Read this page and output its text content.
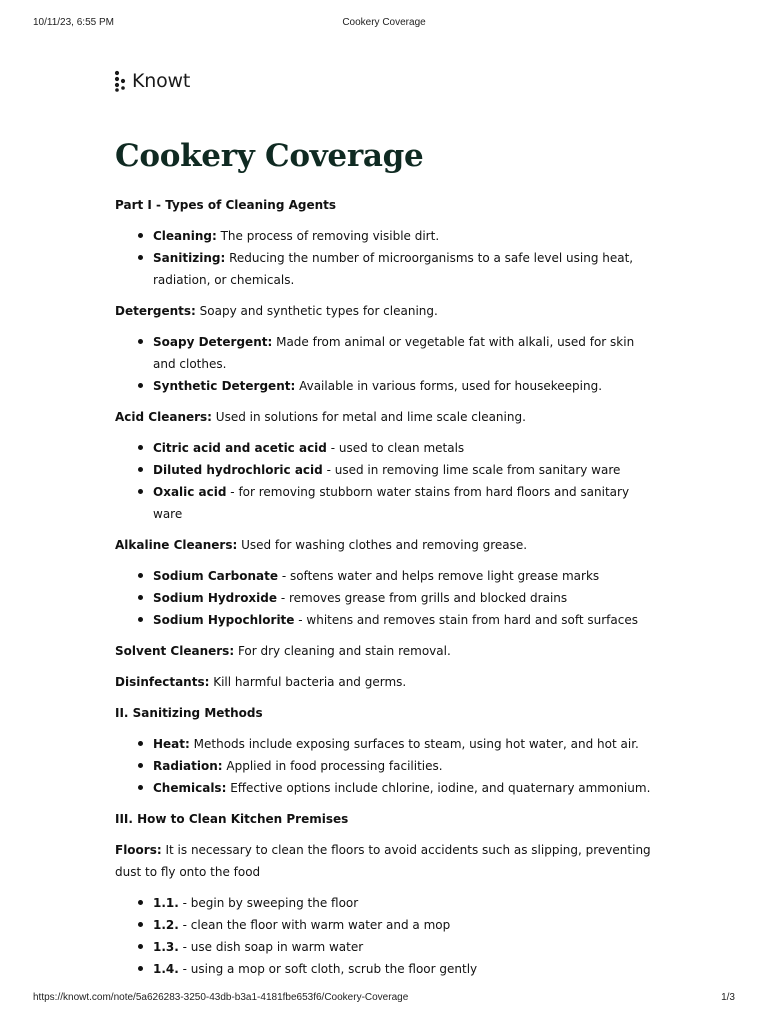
10/11/23, 6:55 PM	Cookery Coverage
Knowt
Cookery Coverage
Part I - Types of Cleaning Agents
Cleaning: The process of removing visible dirt.
Sanitizing: Reducing the number of microorganisms to a safe level using heat, radiation, or chemicals.
Detergents: Soapy and synthetic types for cleaning.
Soapy Detergent: Made from animal or vegetable fat with alkali, used for skin and clothes.
Synthetic Detergent: Available in various forms, used for housekeeping.
Acid Cleaners: Used in solutions for metal and lime scale cleaning.
Citric acid and acetic acid - used to clean metals
Diluted hydrochloric acid - used in removing lime scale from sanitary ware
Oxalic acid - for removing stubborn water stains from hard floors and sanitary ware
Alkaline Cleaners: Used for washing clothes and removing grease.
Sodium Carbonate - softens water and helps remove light grease marks
Sodium Hydroxide - removes grease from grills and blocked drains
Sodium Hypochlorite - whitens and removes stain from hard and soft surfaces
Solvent Cleaners: For dry cleaning and stain removal.
Disinfectants: Kill harmful bacteria and germs.
II. Sanitizing Methods
Heat: Methods include exposing surfaces to steam, using hot water, and hot air.
Radiation: Applied in food processing facilities.
Chemicals: Effective options include chlorine, iodine, and quaternary ammonium.
III. How to Clean Kitchen Premises
Floors: It is necessary to clean the floors to avoid accidents such as slipping, preventing dust to fly onto the food
1.1. - begin by sweeping the floor
1.2. - clean the floor with warm water and a mop
1.3. - use dish soap in warm water
1.4. - using a mop or soft cloth, scrub the floor gently
https://knowt.com/note/5a626283-3250-43db-b3a1-4181fbe653f6/Cookery-Coverage	1/3
